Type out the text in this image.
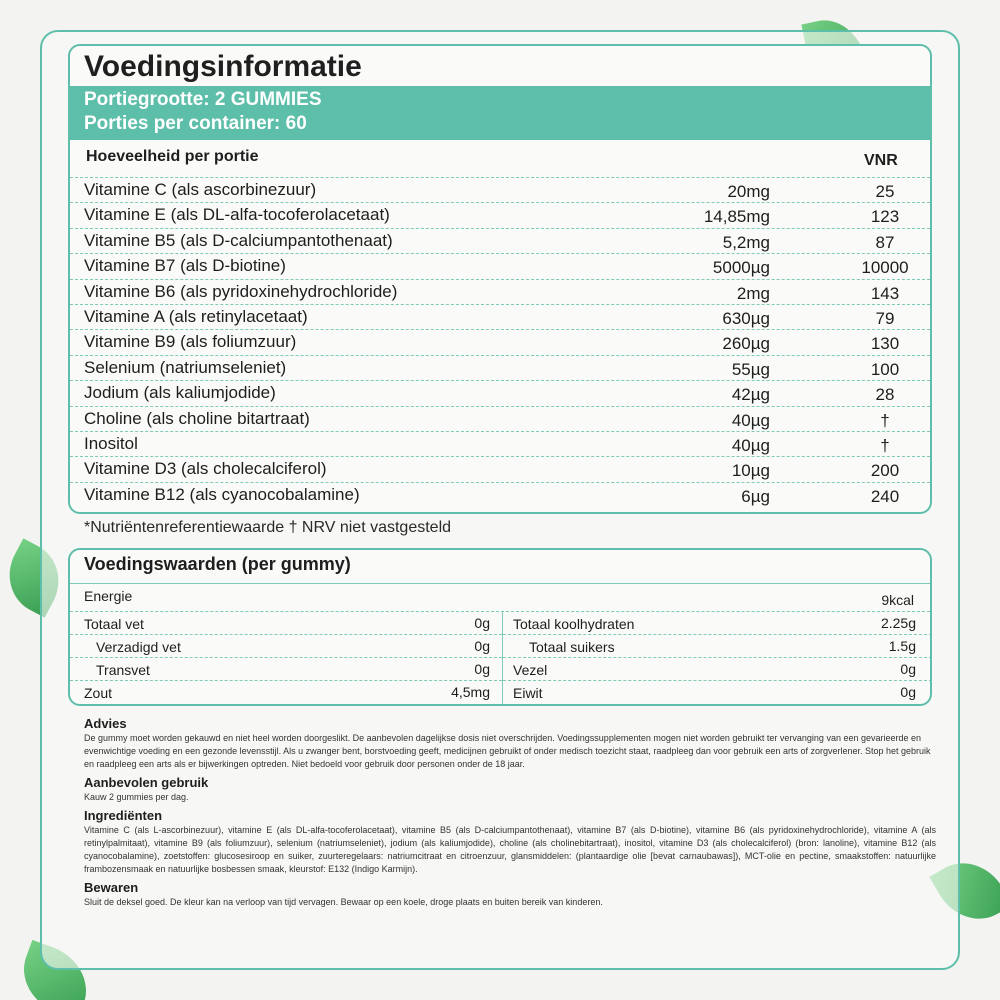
Voedingsinformatie
Portiegrootte: 2 GUMMIES
Porties per container: 60
Hoeveelheid per portie	VNR
Vitamine C (als ascorbinezuur)	20mg	25
Vitamine E (als DL-alfa-tocoferolacetaat)	14,85mg	123
Vitamine B5 (als D-calciumpantothenaat)	5,2mg	87
Vitamine B7 (als D-biotine)	5000µg	10000
Vitamine B6 (als pyridoxinehydrochloride)	2mg	143
Vitamine A (als retinylacetaat)	630µg	79
Vitamine B9 (als foliumzuur)	260µg	130
Selenium (natriumseleniet)	55µg	100
Jodium (als kaliumjodide)	42µg	28
Choline (als choline bitartraat)	40µg	†
Inositol	40µg	†
Vitamine D3 (als cholecalciferol)	10µg	200
Vitamine B12 (als cyanocobalamine)	6µg	240
*Nutriëntenreferentiewaarde † NRV niet vastgesteld
Voedingswaarden (per gummy)
Energie	9kcal
Totaal vet	0g
Verzadigd vet	0g
Transvet	0g
Zout	4,5mg
Totaal koolhydraten	2.25g
Totaal suikers	1.5g
Vezel	0g
Eiwit	0g
Advies

De gummy moet worden gekauwd en niet heel worden doorgeslikt. De aanbevolen dagelijkse dosis niet overschrijden. Voedingssupplementen mogen niet worden gebruikt ter vervanging van een gevarieerde en evenwichtige voeding en een gezonde levensstijl. Als u zwanger bent, borstvoeding geeft, medicijnen gebruikt of onder medisch toezicht staat, raadpleeg dan voor gebruik een arts of zorgverlener. Stop het gebruik en raadpleeg een arts als er bijwerkingen optreden. Niet bedoeld voor gebruik door personen onder de 18 jaar.

Aanbevolen gebruik

Kauw 2 gummies per dag.

Ingrediënten

Vitamine C (als L-ascorbinezuur), vitamine E (als DL-alfa-tocoferolacetaat), vitamine B5 (als D-calciumpantothenaat), vitamine B7 (als D-biotine), vitamine B6 (als pyridoxinehydrochloride), vitamine A (als retinylpalmitaat), vitamine B9 (als foliumzuur), selenium (natriumseleniet), jodium (als kaliumjodide), choline (als cholinebitartraat), inositol, vitamine D3 (als cholecalciferol) (bron: lanoline), vitamine B12 (als cyanocobalamine), zoetstoffen: glucosesiroop en suiker, zuurteregelaars: natriumcitraat en citroenzuur, glansmiddelen: (plantaardige olie [bevat carnaubawas]), MCT-olie en pectine, smaakstoffen: natuurlijke frambozensmaak en natuurlijke bosbessen smaak, kleurstof: E132 (Indigo Karmijn).

Bewaren

Sluit de deksel goed. De kleur kan na verloop van tijd vervagen. Bewaar op een koele, droge plaats en buiten bereik van kinderen.
